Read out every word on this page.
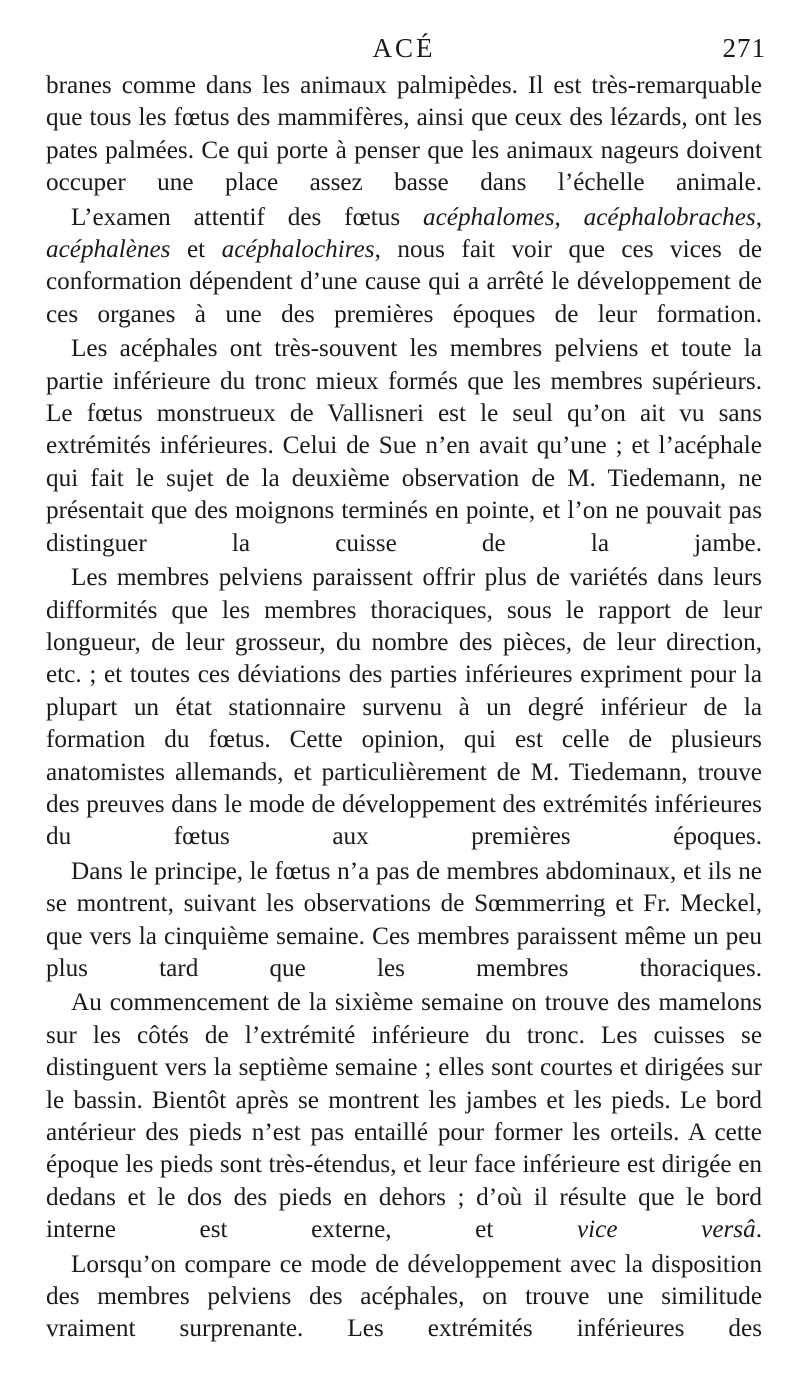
ACÉ	271

branes comme dans les animaux palmipèdes. Il est très-remarquable que tous les fœtus des mammifères, ainsi que ceux des lézards, ont les pates palmées. Ce qui porte à penser que les animaux nageurs doivent occuper une place assez basse dans l’échelle animale.

L’examen attentif des fœtus acéphalomes, acéphalobraches, acéphalènes et acéphalochires, nous fait voir que ces vices de conformation dépendent d’une cause qui a arrêté le développement de ces organes à une des premières époques de leur formation.

Les acéphales ont très-souvent les membres pelviens et toute la partie inférieure du tronc mieux formés que les membres supérieurs. Le fœtus monstrueux de Vallisneri est le seul qu’on ait vu sans extrémités inférieures. Celui de Sue n’en avait qu’une ; et l’acéphale qui fait le sujet de la deuxième observation de M. Tiedemann, ne présentait que des moignons terminés en pointe, et l’on ne pouvait pas distinguer la cuisse de la jambe.

Les membres pelviens paraissent offrir plus de variétés dans leurs difformités que les membres thoraciques, sous le rapport de leur longueur, de leur grosseur, du nombre des pièces, de leur direction, etc. ; et toutes ces déviations des parties inférieures expriment pour la plupart un état stationnaire survenu à un degré inférieur de la formation du fœtus. Cette opinion, qui est celle de plusieurs anatomistes allemands, et particulièrement de M. Tiedemann, trouve des preuves dans le mode de développement des extrémités inférieures du fœtus aux premières époques.

Dans le principe, le fœtus n’a pas de membres abdominaux, et ils ne se montrent, suivant les observations de Sœmmerring et Fr. Meckel, que vers la cinquième semaine. Ces membres paraissent même un peu plus tard que les membres thoraciques.

Au commencement de la sixième semaine on trouve des mamelons sur les côtés de l’extrémité inférieure du tronc. Les cuisses se distinguent vers la septième semaine ; elles sont courtes et dirigées sur le bassin. Bientôt après se montrent les jambes et les pieds. Le bord antérieur des pieds n’est pas entaillé pour former les orteils. A cette époque les pieds sont très-étendus, et leur face inférieure est dirigée en dedans et le dos des pieds en dehors ; d’où il résulte que le bord interne est externe, et vice versâ.

Lorsqu’on compare ce mode de développement avec la disposition des membres pelviens des acéphales, on trouve une similitude vraiment surprenante. Les extrémités inférieures des
